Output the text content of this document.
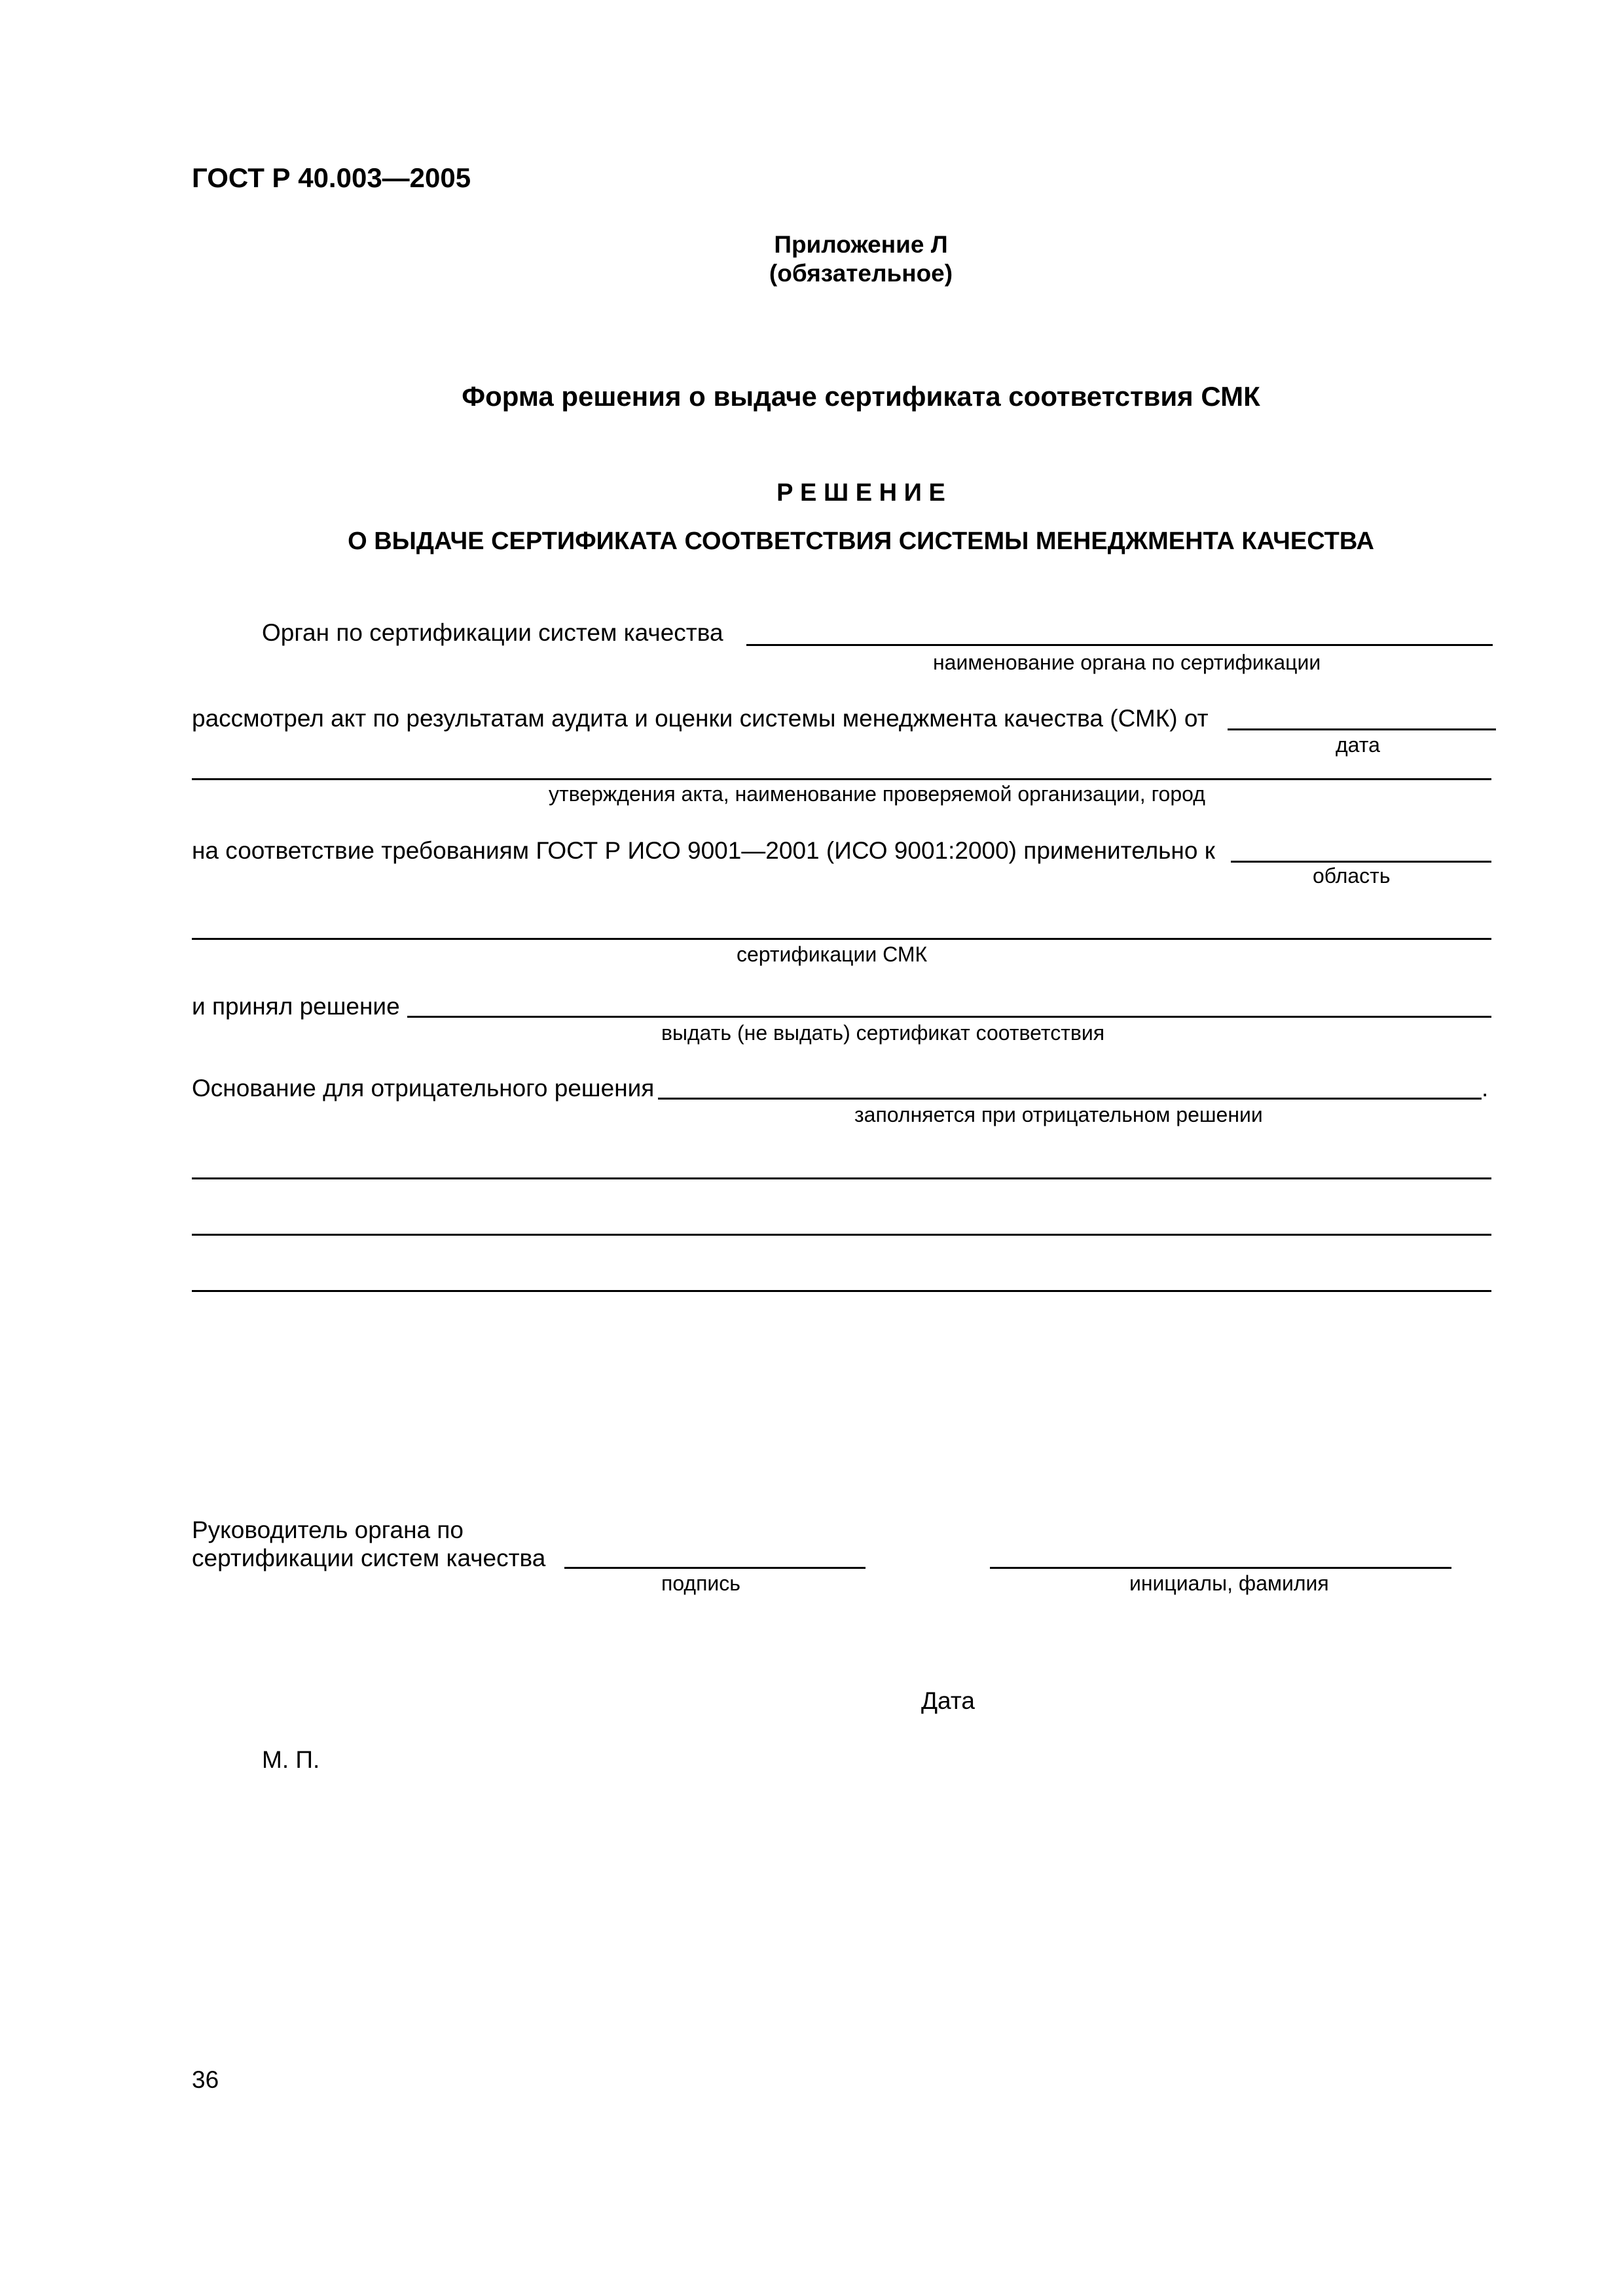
ГОСТ Р 40.003—2005
Приложение Л
(обязательное)
Форма решения о выдаче сертификата соответствия СМК
Р Е Ш Е Н И Е
О ВЫДАЧЕ СЕРТИФИКАТА СООТВЕТСТВИЯ СИСТЕМЫ МЕНЕДЖМЕНТА КАЧЕСТВА
Орган по сертификации систем качества
наименование органа по сертификации
рассмотрел акт по результатам аудита и оценки системы менеджмента качества (СМК) от
дата
утверждения акта, наименование проверяемой организации, город
на соответствие требованиям ГОСТ Р ИСО 9001—2001 (ИСО 9001:2000) применительно к
область
сертификации СМК
и принял решение
выдать (не выдать) сертификат соответствия
Основание для отрицательного решения	.
заполняется при отрицательном решении
Руководитель органа по
сертификации систем качества
подпись	инициалы, фамилия
Дата
М. П.
36
